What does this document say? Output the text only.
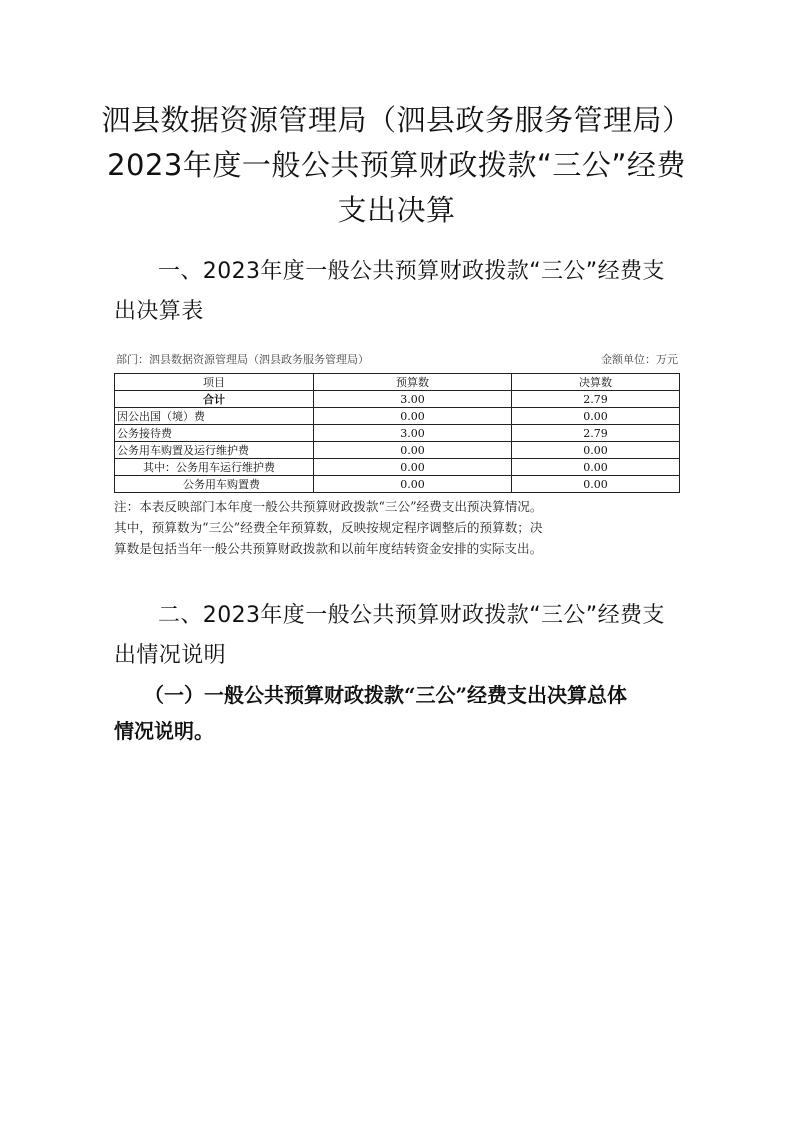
泗县数据资源管理局（泗县政务服务管理局）
2023年度一般公共预算财政拨款“三公”经费
支出决算
一、2023年度一般公共预算财政拨款“三公”经费支
出决算表
部门：泗县数据资源管理局（泗县政务服务管理局）	金额单位：万元
项目	预算数	决算数
合计	3.00	2.79
因公出国（境）费	0.00	0.00
公务接待费	3.00	2.79
公务用车购置及运行维护费	0.00	0.00
其中：公务用车运行维护费	0.00	0.00
公务用车购置费	0.00	0.00
注：本表反映部门本年度一般公共预算财政拨款“三公”经费支出预决算情况。
其中，预算数为“三公”经费全年预算数，反映按规定程序调整后的预算数；决
算数是包括当年一般公共预算财政拨款和以前年度结转资金安排的实际支出。
二、2023年度一般公共预算财政拨款“三公”经费支
出情况说明
（一）一般公共预算财政拨款“三公”经费支出决算总体
情况说明。
